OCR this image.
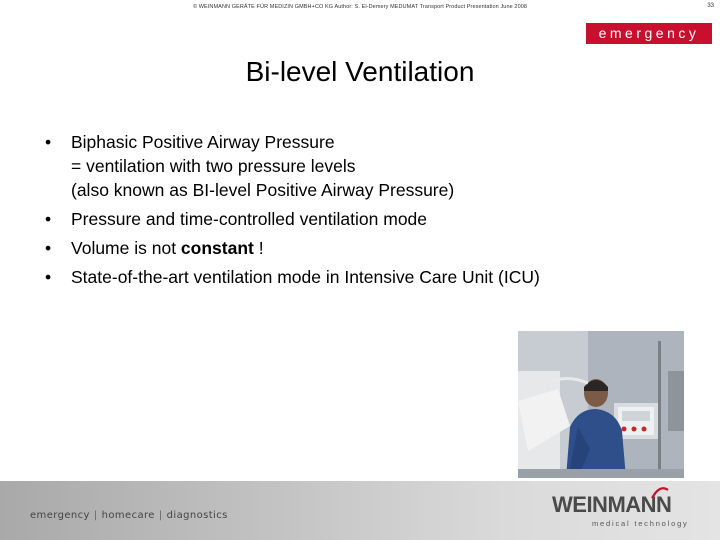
© WEINMANN GERÄTE FÜR MEDIZIN GMBH+CO KG Author: S. El-Demery MEDUMAT Transport Product Presentation June 2008	33
emergency
Bi-level Ventilation
• Biphasic Positive Airway Pressure
= ventilation with two pressure levels
(also known as BI-level Positive Airway Pressure)
• Pressure and time-controlled ventilation mode
• Volume is not constant !
• State-of-the-art ventilation mode in Intensive Care Unit (ICU)
emergency | homecare | diagnostics	WEINMANN
medical technology
